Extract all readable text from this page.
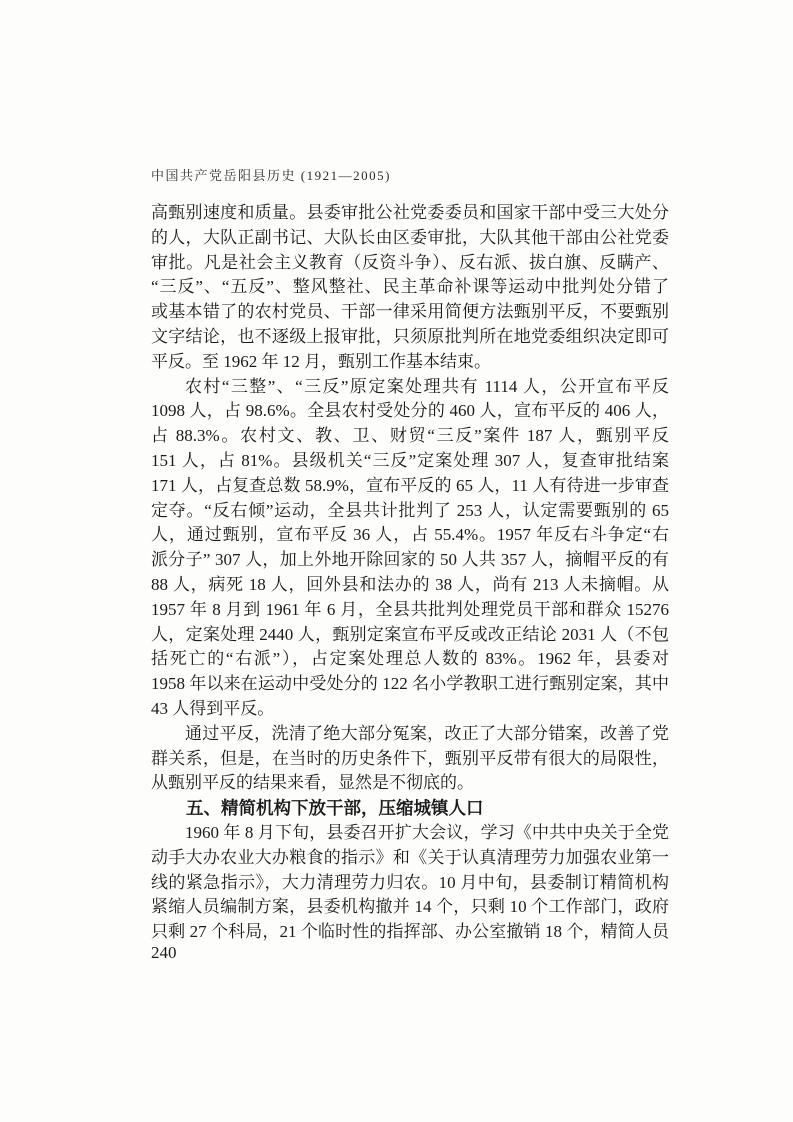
中国共产党岳阳县历史 (1921—2005)
高甄别速度和质量。县委审批公社党委委员和国家干部中受三大处分
的人，大队正副书记、大队长由区委审批，大队其他干部由公社党委
审批。凡是社会主义教育（反资斗争）、反右派、拔白旗、反瞒产、
“三反”、“五反”、整风整社、民主革命补课等运动中批判处分错了
或基本错了的农村党员、干部一律采用简便方法甄别平反，不要甄别
文字结论，也不逐级上报审批，只须原批判所在地党委组织决定即可
平反。至 1962 年 12 月，甄别工作基本结束。
农村“三整”、“三反”原定案处理共有 1114 人，公开宣布平反
1098 人，占 98.6%。全县农村受处分的 460 人，宣布平反的 406 人，
占 88.3%。农村文、教、卫、财贸“三反”案件 187 人，甄别平反
151 人，占 81%。县级机关“三反”定案处理 307 人，复查审批结案
171 人，占复查总数 58.9%，宣布平反的 65 人，11 人有待进一步审查
定夺。“反右倾”运动，全县共计批判了 253 人，认定需要甄别的 65
人，通过甄别，宣布平反 36 人，占 55.4%。1957 年反右斗争定“右
派分子” 307 人，加上外地开除回家的 50 人共 357 人，摘帽平反的有
88 人，病死 18 人，回外县和法办的 38 人，尚有 213 人未摘帽。从
1957 年 8 月到 1961 年 6 月，全县共批判处理党员干部和群众 15276
人，定案处理 2440 人，甄别定案宣布平反或改正结论 2031 人（不包
括死亡的“右派”），占定案处理总人数的 83%。1962 年，县委对
1958 年以来在运动中受处分的 122 名小学教职工进行甄别定案，其中
43 人得到平反。
通过平反，洗清了绝大部分冤案，改正了大部分错案，改善了党
群关系，但是，在当时的历史条件下，甄别平反带有很大的局限性，
从甄别平反的结果来看，显然是不彻底的。
五、精简机构下放干部，压缩城镇人口
1960 年 8 月下旬，县委召开扩大会议，学习《中共中央关于全党
动手大办农业大办粮食的指示》和《关于认真清理劳力加强农业第一
线的紧急指示》，大力清理劳力归农。10 月中旬，县委制订精简机构
紧缩人员编制方案，县委机构撤并 14 个，只剩 10 个工作部门，政府
只剩 27 个科局，21 个临时性的指挥部、办公室撤销 18 个，精简人员
240
